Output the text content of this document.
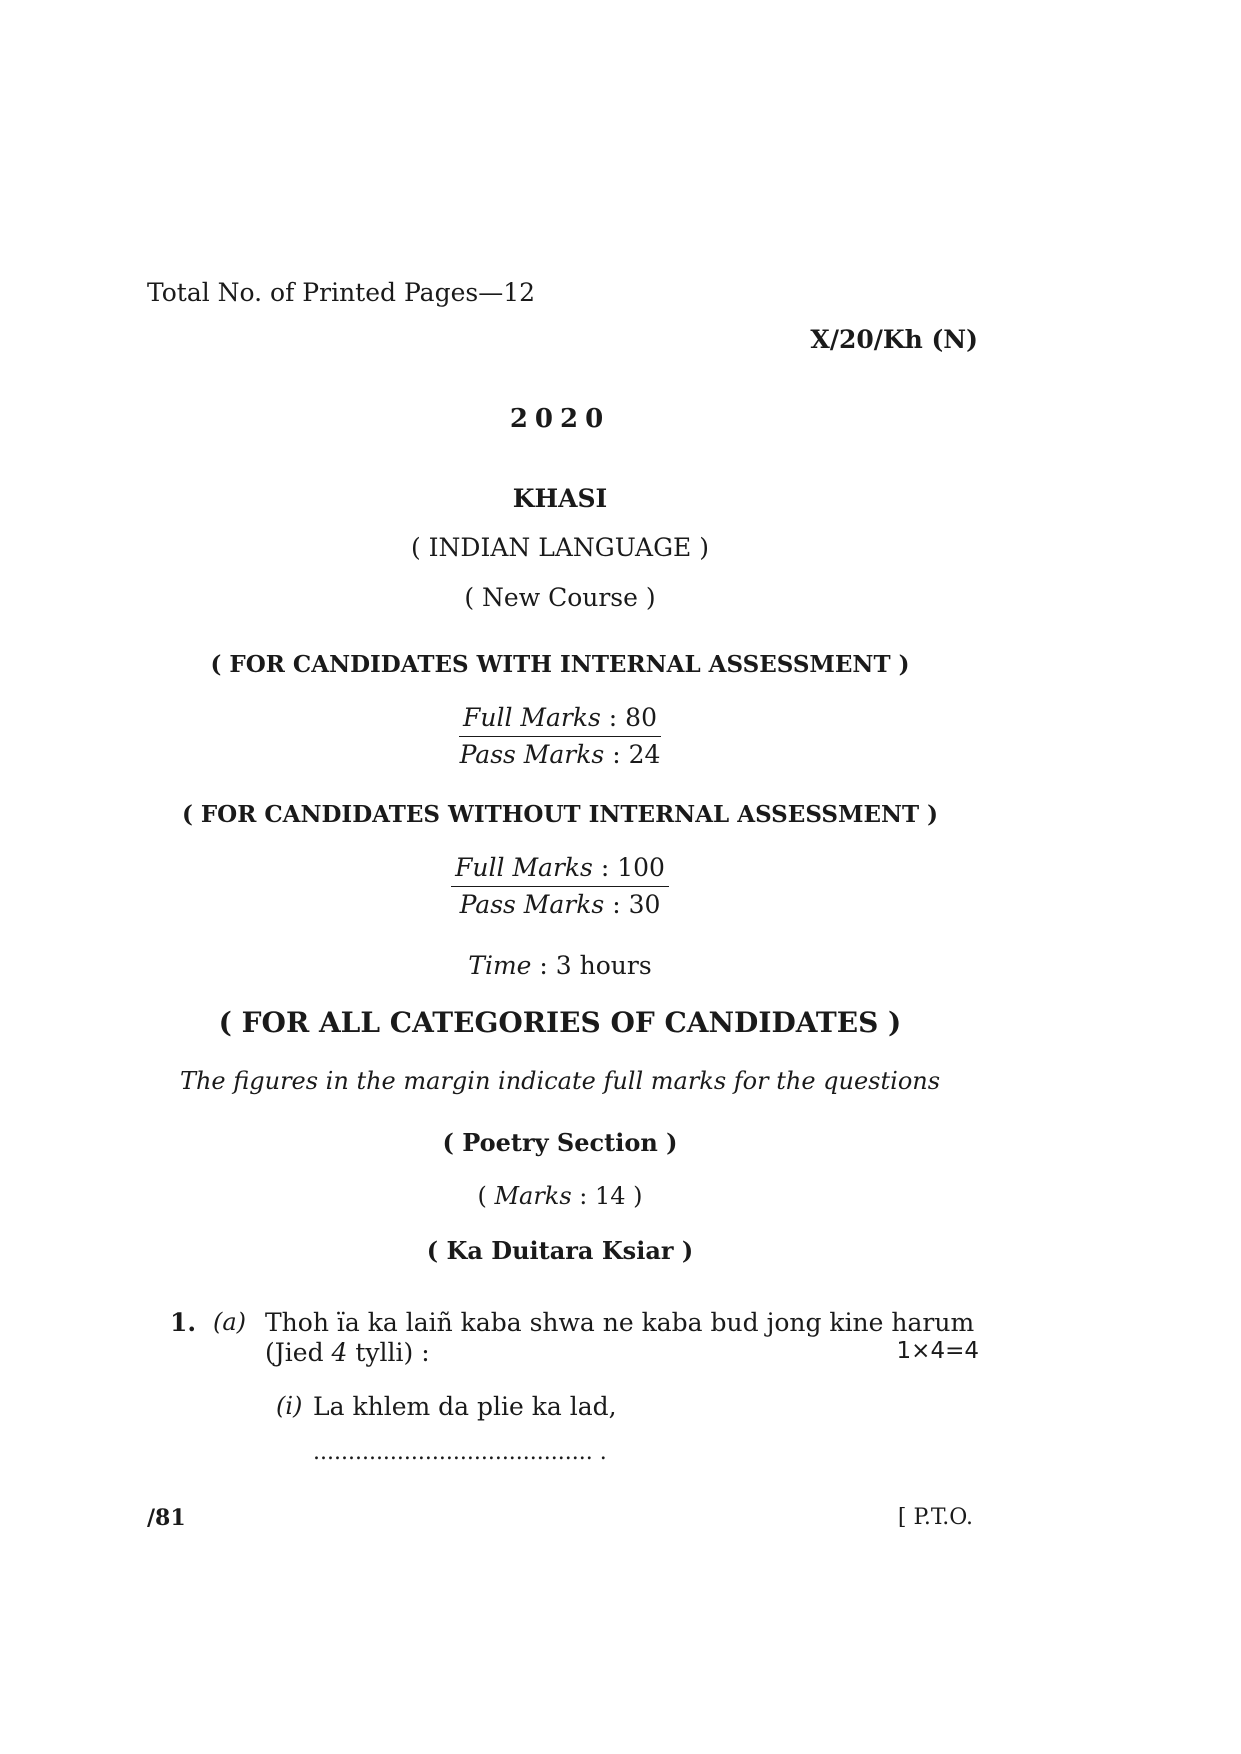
Total No. of Printed Pages—12
X/20/Kh (N)
2020
KHASI
( INDIAN LANGUAGE )
( New Course )
( FOR CANDIDATES WITH INTERNAL ASSESSMENT )
Full Marks : 80
Pass Marks : 24
( FOR CANDIDATES WITHOUT INTERNAL ASSESSMENT )
Full Marks : 100
Pass Marks : 30
Time : 3 hours
( FOR ALL CATEGORIES OF CANDIDATES )
The figures in the margin indicate full marks for the questions
( Poetry Section )
( Marks : 14 )
( Ka Duitara Ksiar )
1. (a) Thoh ïa ka laiñ kaba shwa ne kaba bud jong kine harum (Jied 4 tylli) :	1×4=4
(i) La khlem da plie ka lad,
........................................ .
/81	[ P.T.O.
